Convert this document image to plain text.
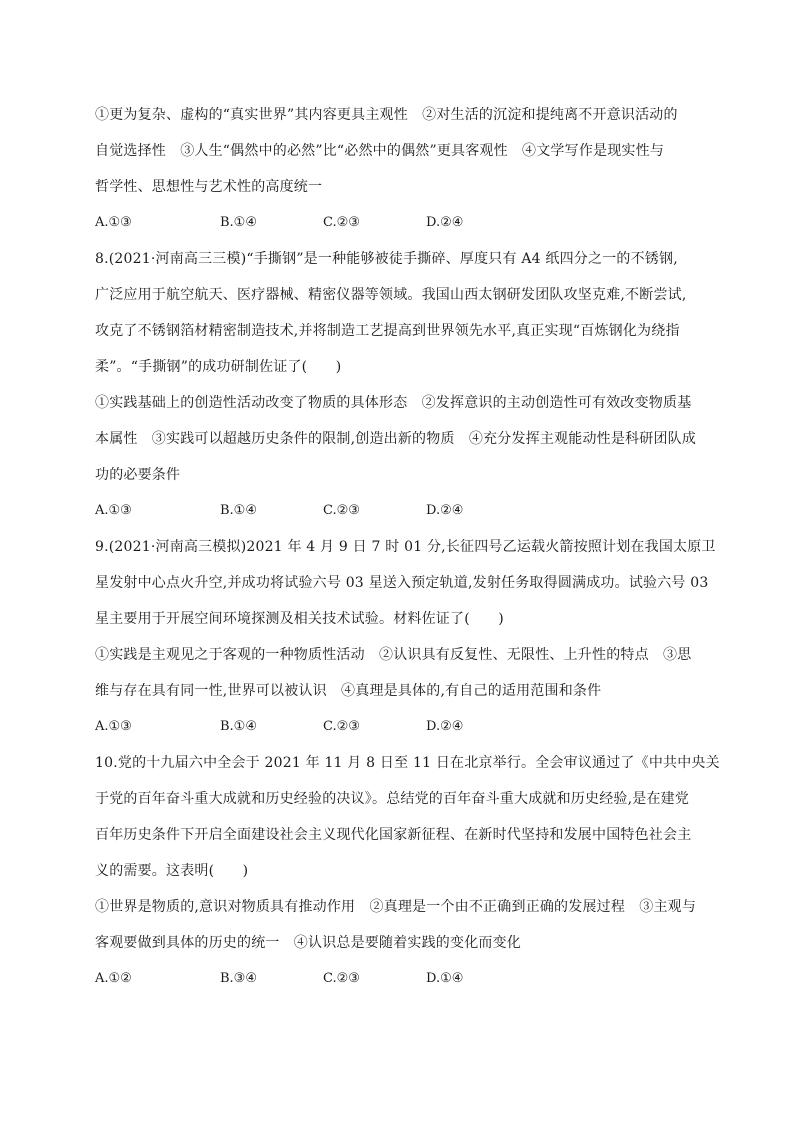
①更为复杂、虚构的“真实世界”其内容更具主观性　②对生活的沉淀和提纯离不开意识活动的
自觉选择性　③人生“偶然中的必然”比“必然中的偶然”更具客观性　④文学写作是现实性与
哲学性、思想性与艺术性的高度统一
A.①③	B.①④	C.②③	D.②④
8.(2021·河南高三三模)“手撕钢”是一种能够被徒手撕碎、厚度只有 A4 纸四分之一的不锈钢,
广泛应用于航空航天、医疗器械、精密仪器等领域。我国山西太钢研发团队攻坚克难,不断尝试,
攻克了不锈钢箔材精密制造技术,并将制造工艺提高到世界领先水平,真正实现“百炼钢化为绕指
柔”。“手撕钢”的成功研制佐证了(　　)
①实践基础上的创造性活动改变了物质的具体形态　②发挥意识的主动创造性可有效改变物质基
本属性　③实践可以超越历史条件的限制,创造出新的物质　④充分发挥主观能动性是科研团队成
功的必要条件
A.①③	B.①④	C.②③	D.②④
9.(2021·河南高三模拟)2021 年 4 月 9 日 7 时 01 分,长征四号乙运载火箭按照计划在我国太原卫
星发射中心点火升空,并成功将试验六号 03 星送入预定轨道,发射任务取得圆满成功。试验六号 03
星主要用于开展空间环境探测及相关技术试验。材料佐证了(　　)
①实践是主观见之于客观的一种物质性活动　②认识具有反复性、无限性、上升性的特点　③思
维与存在具有同一性,世界可以被认识　④真理是具体的,有自己的适用范围和条件
A.①③	B.①④	C.②③	D.②④
10.党的十九届六中全会于 2021 年 11 月 8 日至 11 日在北京举行。全会审议通过了《中共中央关
于党的百年奋斗重大成就和历史经验的决议》。总结党的百年奋斗重大成就和历史经验,是在建党
百年历史条件下开启全面建设社会主义现代化国家新征程、在新时代坚持和发展中国特色社会主
义的需要。这表明(　　)
①世界是物质的,意识对物质具有推动作用　②真理是一个由不正确到正确的发展过程　③主观与
客观要做到具体的历史的统一　④认识总是要随着实践的变化而变化
A.①②	B.③④	C.②③	D.①④
